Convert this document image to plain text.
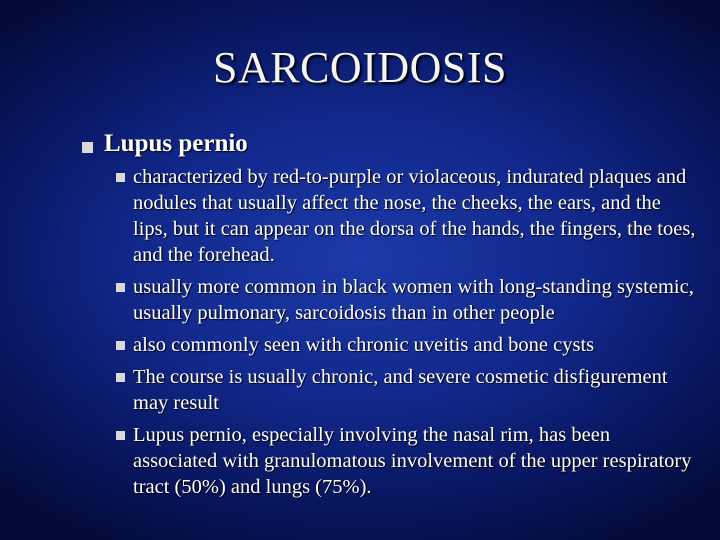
SARCOIDOSIS
Lupus pernio
characterized by red-to-purple or violaceous, indurated plaques and nodules that usually affect the nose, the cheeks, the ears, and the lips, but it can appear on the dorsa of the hands, the fingers, the toes, and the forehead.
usually more common in black women with long-standing systemic, usually pulmonary, sarcoidosis than in other people
also commonly seen with chronic uveitis and bone cysts
The course is usually chronic, and severe cosmetic disfigurement may result
Lupus pernio, especially involving the nasal rim, has been associated with granulomatous involvement of the upper respiratory tract (50%) and lungs (75%).
